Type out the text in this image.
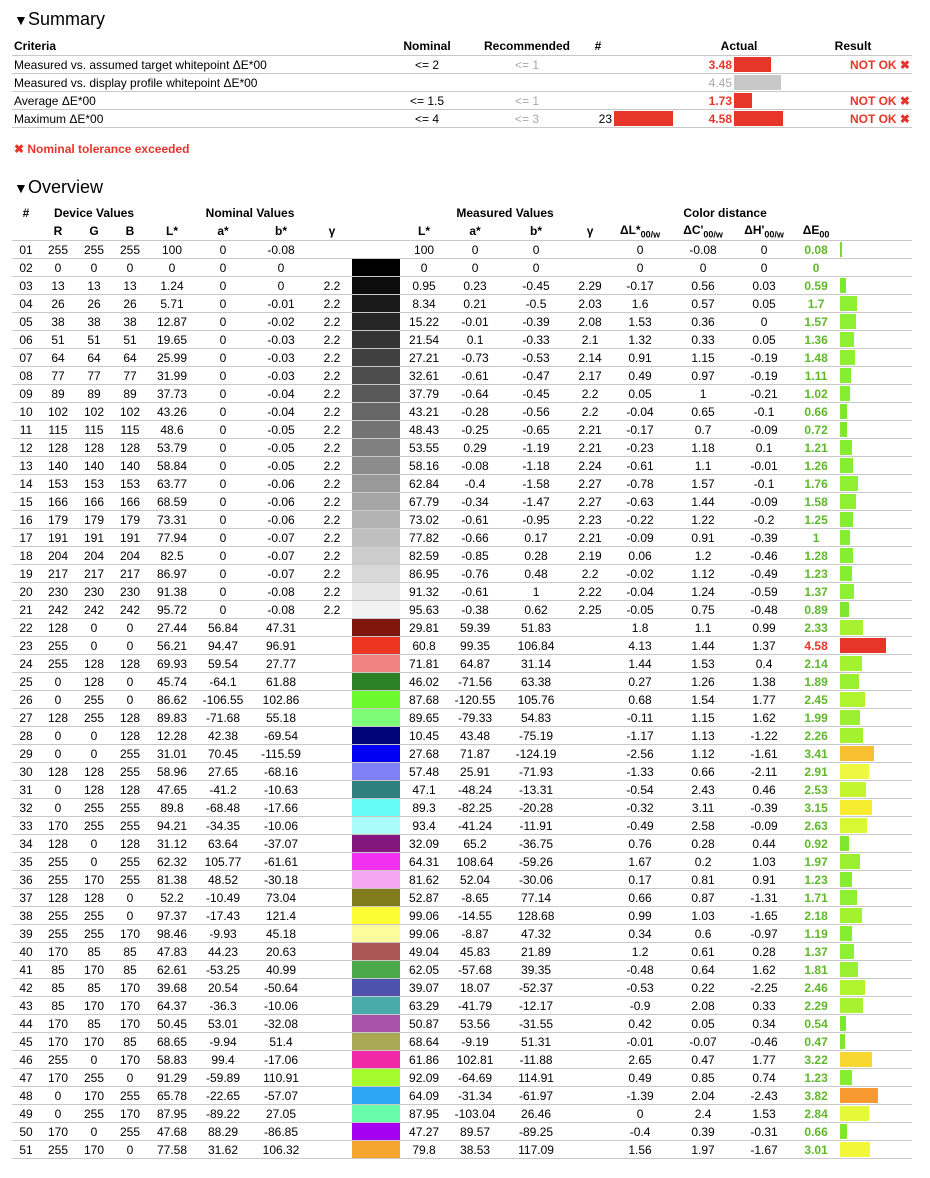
▼Summary
Criteria	Nominal	Recommended	#		Actual		Result
Measured vs. assumed target whitepoint ΔE*00	<= 2	<= 1			3.48		NOT OK ✖
Measured vs. display profile whitepoint ΔE*00					4.45	

Average ΔE*00	<= 1.5	<= 1			1.73		NOT OK ✖
Maximum ΔE*00	<= 4	<= 3	23		4.58		NOT OK ✖
✖ Nominal tolerance exceeded
▼Overview
#	Device Values			Nominal Values					Measured Values				Color distance				
	R	G	B	L*	a*	b*	γ		L*	a*	b*	γ	$\Delta L*_{00/w}$	$\Delta C'_{00/w}$	$\Delta H'_{00/w}$	$\Delta E_{00}$	
01	255	255	255	100	0	-0.08			100	0	0		0	-0.08	0	0.08	

02	0	0	0	0	0	0			0	0	0		0	0	0	0	

03	13	13	13	1.24	0	0	2.2		0.95	0.23	-0.45	2.29	-0.17	0.56	0.03	0.59	

04	26	26	26	5.71	0	-0.01	2.2		8.34	0.21	-0.5	2.03	1.6	0.57	0.05	1.7	

05	38	38	38	12.87	0	-0.02	2.2		15.22	-0.01	-0.39	2.08	1.53	0.36	0	1.57	

06	51	51	51	19.65	0	-0.03	2.2		21.54	0.1	-0.33	2.1	1.32	0.33	0.05	1.36	

07	64	64	64	25.99	0	-0.03	2.2		27.21	-0.73	-0.53	2.14	0.91	1.15	-0.19	1.48	

08	77	77	77	31.99	0	-0.03	2.2		32.61	-0.61	-0.47	2.17	0.49	0.97	-0.19	1.11	

09	89	89	89	37.73	0	-0.04	2.2		37.79	-0.64	-0.45	2.2	0.05	1	-0.21	1.02	

10	102	102	102	43.26	0	-0.04	2.2		43.21	-0.28	-0.56	2.2	-0.04	0.65	-0.1	0.66	

11	115	115	115	48.6	0	-0.05	2.2		48.43	-0.25	-0.65	2.21	-0.17	0.7	-0.09	0.72	

12	128	128	128	53.79	0	-0.05	2.2		53.55	0.29	-1.19	2.21	-0.23	1.18	0.1	1.21	

13	140	140	140	58.84	0	-0.05	2.2		58.16	-0.08	-1.18	2.24	-0.61	1.1	-0.01	1.26	

14	153	153	153	63.77	0	-0.06	2.2		62.84	-0.4	-1.58	2.27	-0.78	1.57	-0.1	1.76	

15	166	166	166	68.59	0	-0.06	2.2		67.79	-0.34	-1.47	2.27	-0.63	1.44	-0.09	1.58	

16	179	179	179	73.31	0	-0.06	2.2		73.02	-0.61	-0.95	2.23	-0.22	1.22	-0.2	1.25	

17	191	191	191	77.94	0	-0.07	2.2		77.82	-0.66	0.17	2.21	-0.09	0.91	-0.39	1	

18	204	204	204	82.5	0	-0.07	2.2		82.59	-0.85	0.28	2.19	0.06	1.2	-0.46	1.28	

19	217	217	217	86.97	0	-0.07	2.2		86.95	-0.76	0.48	2.2	-0.02	1.12	-0.49	1.23	

20	230	230	230	91.38	0	-0.08	2.2		91.32	-0.61	1	2.22	-0.04	1.24	-0.59	1.37	

21	242	242	242	95.72	0	-0.08	2.2		95.63	-0.38	0.62	2.25	-0.05	0.75	-0.48	0.89	

22	128	0	0	27.44	56.84	47.31			29.81	59.39	51.83		1.8	1.1	0.99	2.33	

23	255	0	0	56.21	94.47	96.91			60.8	99.35	106.84		4.13	1.44	1.37	4.58	

24	255	128	128	69.93	59.54	27.77			71.81	64.87	31.14		1.44	1.53	0.4	2.14	

25	0	128	0	45.74	-64.1	61.88			46.02	-71.56	63.38		0.27	1.26	1.38	1.89	

26	0	255	0	86.62	-106.55	102.86			87.68	-120.55	105.76		0.68	1.54	1.77	2.45	

27	128	255	128	89.83	-71.68	55.18			89.65	-79.33	54.83		-0.11	1.15	1.62	1.99	

28	0	0	128	12.28	42.38	-69.54			10.45	43.48	-75.19		-1.17	1.13	-1.22	2.26	

29	0	0	255	31.01	70.45	-115.59			27.68	71.87	-124.19		-2.56	1.12	-1.61	3.41	

30	128	128	255	58.96	27.65	-68.16			57.48	25.91	-71.93		-1.33	0.66	-2.11	2.91	

31	0	128	128	47.65	-41.2	-10.63			47.1	-48.24	-13.31		-0.54	2.43	0.46	2.53	

32	0	255	255	89.8	-68.48	-17.66			89.3	-82.25	-20.28		-0.32	3.11	-0.39	3.15	

33	170	255	255	94.21	-34.35	-10.06			93.4	-41.24	-11.91		-0.49	2.58	-0.09	2.63	

34	128	0	128	31.12	63.64	-37.07			32.09	65.2	-36.75		0.76	0.28	0.44	0.92	

35	255	0	255	62.32	105.77	-61.61			64.31	108.64	-59.26		1.67	0.2	1.03	1.97	

36	255	170	255	81.38	48.52	-30.18			81.62	52.04	-30.06		0.17	0.81	0.91	1.23	

37	128	128	0	52.2	-10.49	73.04			52.87	-8.65	77.14		0.66	0.87	-1.31	1.71	

38	255	255	0	97.37	-17.43	121.4			99.06	-14.55	128.68		0.99	1.03	-1.65	2.18	

39	255	255	170	98.46	-9.93	45.18			99.06	-8.87	47.32		0.34	0.6	-0.97	1.19	

40	170	85	85	47.83	44.23	20.63			49.04	45.83	21.89		1.2	0.61	0.28	1.37	

41	85	170	85	62.61	-53.25	40.99			62.05	-57.68	39.35		-0.48	0.64	1.62	1.81	

42	85	85	170	39.68	20.54	-50.64			39.07	18.07	-52.37		-0.53	0.22	-2.25	2.46	

43	85	170	170	64.37	-36.3	-10.06			63.29	-41.79	-12.17		-0.9	2.08	0.33	2.29	

44	170	85	170	50.45	53.01	-32.08			50.87	53.56	-31.55		0.42	0.05	0.34	0.54	

45	170	170	85	68.65	-9.94	51.4			68.64	-9.19	51.31		-0.01	-0.07	-0.46	0.47	

46	255	0	170	58.83	99.4	-17.06			61.86	102.81	-11.88		2.65	0.47	1.77	3.22	

47	170	255	0	91.29	-59.89	110.91			92.09	-64.69	114.91		0.49	0.85	0.74	1.23	

48	0	170	255	65.78	-22.65	-57.07			64.09	-31.34	-61.97		-1.39	2.04	-2.43	3.82	

49	0	255	170	87.95	-89.22	27.05			87.95	-103.04	26.46		0	2.4	1.53	2.84	

50	170	0	255	47.68	88.29	-86.85			47.27	89.57	-89.25		-0.4	0.39	-0.31	0.66	

51	255	170	0	77.58	31.62	106.32			79.8	38.53	117.09		1.56	1.97	-1.67	3.01	
